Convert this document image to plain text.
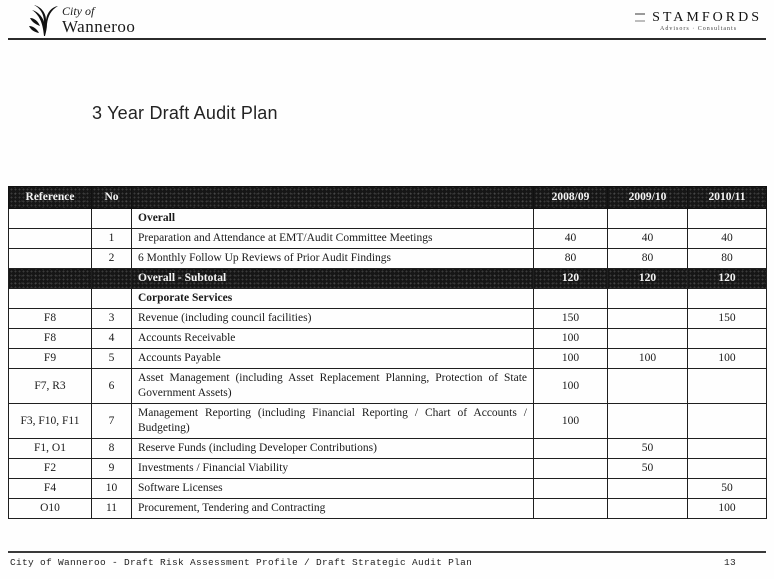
City of
Wanneroo	STAMFORDS
Advisors · Consultants
3 Year Draft Audit Plan
Reference	No		2008/09	2009/10	2010/11
		Overall			
	1	Preparation and Attendance at EMT/Audit Committee Meetings	40	40	40
	2	6 Monthly Follow Up Reviews of Prior Audit Findings	80	80	80
		Overall - Subtotal	120	120	120
		Corporate Services			
F8	3	Revenue (including council facilities)	150		150
F8	4	Accounts Receivable	100		
F9	5	Accounts Payable	100	100	100
F7, R3	6	Asset Management (including Asset Replacement Planning, Protection of State Government Assets)	100		
F3, F10, F11	7	Management Reporting (including Financial Reporting / Chart of Accounts / Budgeting)	100		
F1, O1	8	Reserve Funds (including Developer Contributions)		50	
F2	9	Investments / Financial Viability		50	
F4	10	Software Licenses			50
O10	11	Procurement, Tendering and Contracting			100
City of Wanneroo - Draft Risk Assessment Profile / Draft Strategic Audit Plan	13
